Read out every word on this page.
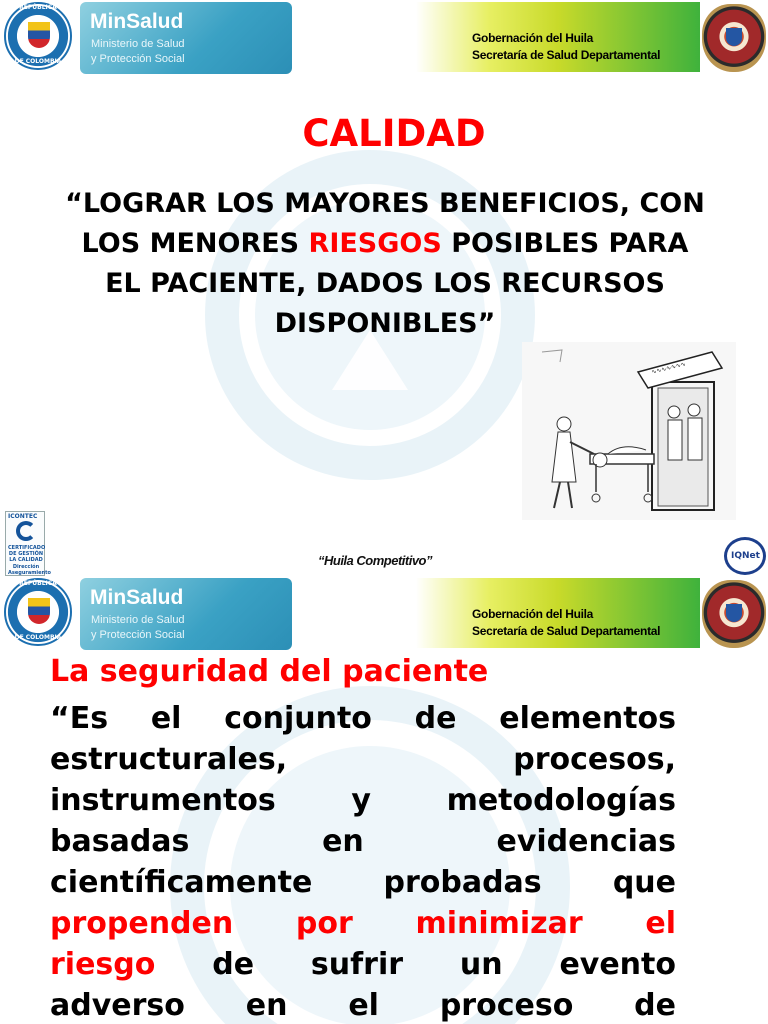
REPÚBLICA
DE COLOMBIA
MinSalud
Ministerio de Salud
y Protección Social
Gobernación del Huila
Secretaría de Salud Departamental
CALIDAD
“LOGRAR LOS MAYORES BENEFICIOS, CON LOS MENORES RIESGOS POSIBLES PARA EL PACIENTE, DADOS LOS RECURSOS DISPONIBLES”
∿∿∿∿∿∿∿
ICONTEC
CERTIFICADO
DE GESTIÓN
LA CALIDAD
Dirección
Aseguramiento
“Huila Competitivo”	IQNet
REPÚBLICA
DE COLOMBIA
MinSalud
Ministerio de Salud
y Protección Social
Gobernación del Huila
Secretaría de Salud Departamental
La seguridad del paciente
“Es el conjunto de elementos
estructurales,	procesos,
instrumentos	y	metodologías
basadas	en	evidencias
científicamente probadas que
propenden por minimizar el
riesgo de sufrir un evento
adverso en el proceso de
